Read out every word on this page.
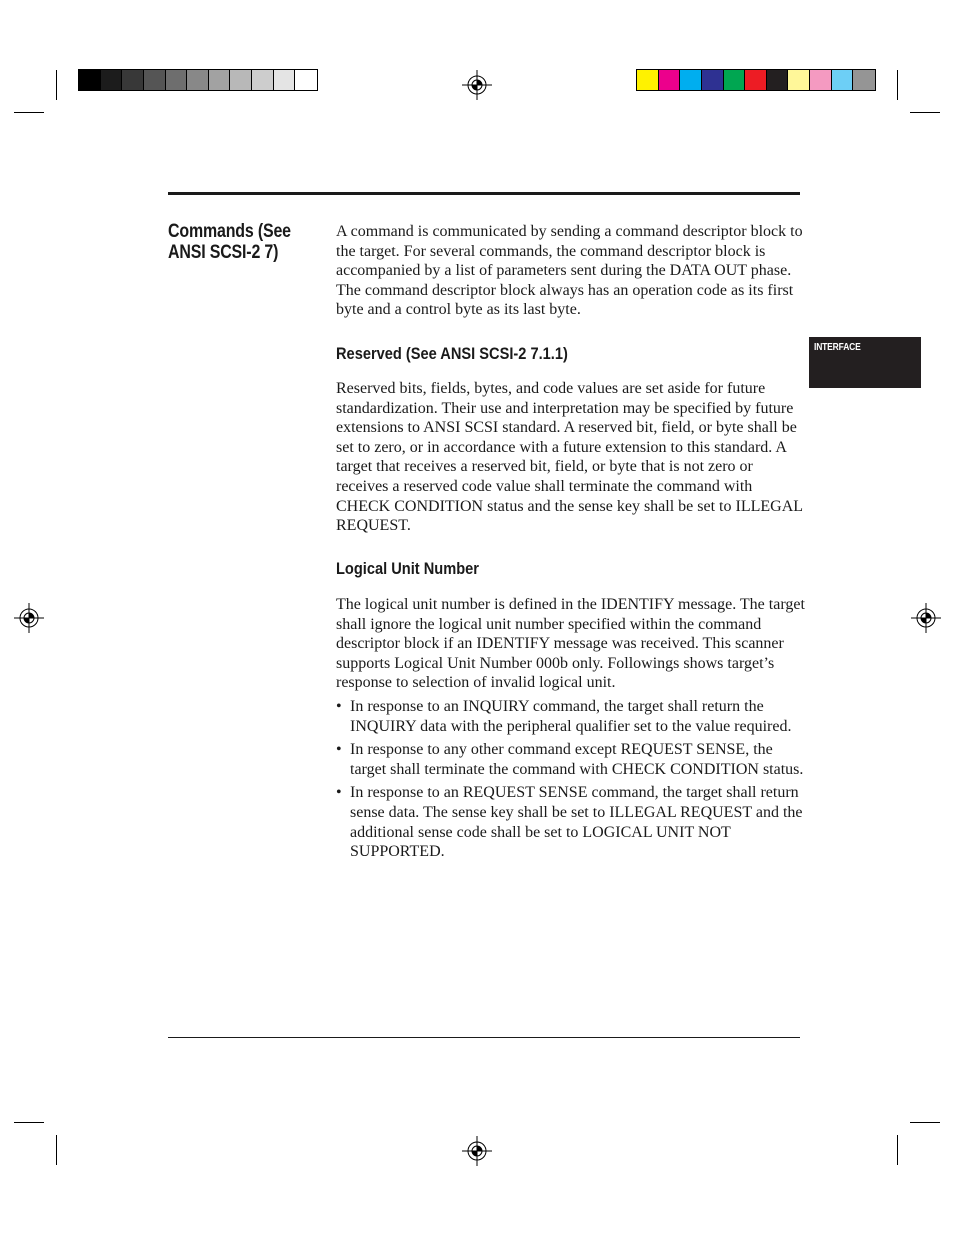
INTERFACE
Commands (See ANSI SCSI-2 7)

A command is communicated by sending a command descriptor block to the target. For several commands, the command descriptor block is accompanied by a list of parameters sent during the DATA OUT phase. The command descriptor block always has an operation code as its first byte and a control byte as its last byte.

Reserved (See ANSI SCSI-2 7.1.1)

Reserved bits, fields, bytes, and code values are set aside for future standardization. Their use and interpretation may be specified by future extensions to ANSI SCSI standard. A reserved bit, field, or byte shall be set to zero, or in accordance with a future extension to this standard. A target that receives a reserved bit, field, or byte that is not zero or receives a reserved code value shall terminate the command with CHECK CONDITION status and the sense key shall be set to ILLEGAL REQUEST.

Logical Unit Number

The logical unit number is defined in the IDENTIFY message. The target shall ignore the logical unit number specified within the command descriptor block if an IDENTIFY message was received. This scanner supports Logical Unit Number 000b only. Followings shows target’s response to selection of invalid logical unit.

• In response to an INQUIRY command, the target shall return the INQUIRY data with the peripheral qualifier set to the value required.
• In response to any other command except REQUEST SENSE, the target shall terminate the command with CHECK CONDITION status.
• In response to an REQUEST SENSE command, the target shall return sense data. The sense key shall be set to ILLEGAL REQUEST and the additional sense code shall be set to LOGICAL UNIT NOT SUPPORTED.
